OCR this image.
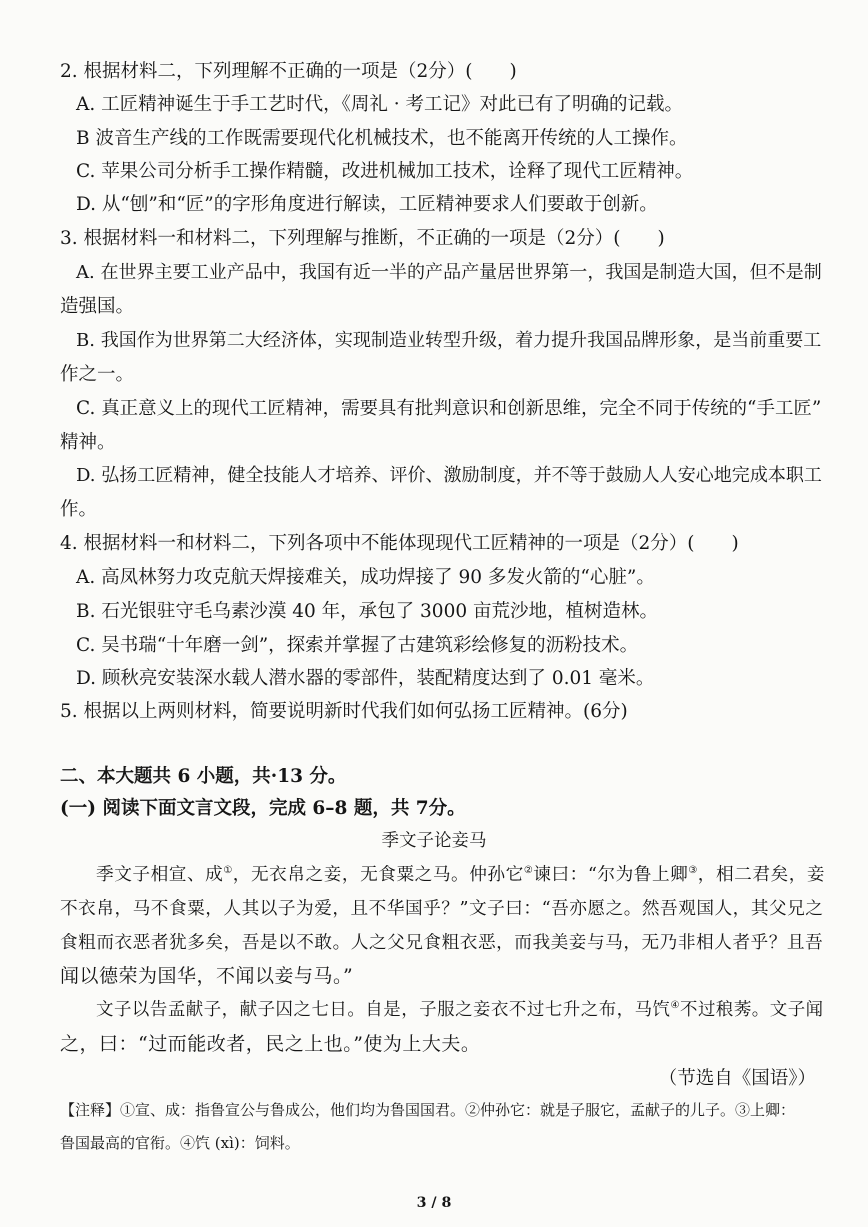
2. 根据材料二，下列理解不正确的一项是（2分）(　　)
A. 工匠精神诞生于手工艺时代，《周礼 · 考工记》对此已有了明确的记载。
B 波音生产线的工作既需要现代化机械技术，也不能离开传统的人工操作。
C. 苹果公司分析手工操作精髓，改进机械加工技术，诠释了现代工匠精神。
D. 从“刨”和“匠”的字形角度进行解读，工匠精神要求人们要敢于创新。
3. 根据材料一和材料二，下列理解与推断，不正确的一项是（2分）(　　)
A. 在世界主要工业产品中，我国有近一半的产品产量居世界第一，我国是制造大国，但不是制
造强国。
B. 我国作为世界第二大经济体，实现制造业转型升级，着力提升我国品牌形象，是当前重要工
作之一。
C. 真正意义上的现代工匠精神，需要具有批判意识和创新思维，完全不同于传统的“手工匠”
精神。
D. 弘扬工匠精神，健全技能人才培养、评价、激励制度，并不等于鼓励人人安心地完成本职工
作。
4. 根据材料一和材料二，下列各项中不能体现现代工匠精神的一项是（2分）(　　)
A. 高凤林努力攻克航天焊接难关，成功焊接了 90 多发火箭的“心脏”。
B. 石光银驻守毛乌素沙漠 40 年，承包了 3000 亩荒沙地，植树造林。
C. 吴书瑞“十年磨一剑”，探索并掌握了古建筑彩绘修复的沥粉技术。
D. 顾秋亮安装深水载人潜水器的零部件，装配精度达到了 0.01 毫米。
5. 根据以上两则材料，简要说明新时代我们如何弘扬工匠精神。(6分)
二、本大题共 6 小题，共·13 分。
(一) 阅读下面文言文段，完成 6–8 题，共 7分。
季文子论妾马
季文子相宣、成①，无衣帛之妾，无食粟之马。仲孙它②谏曰：“尔为鲁上卿③，相二君矣，妾
不衣帛，马不食粟，人其以子为爱，且不华国乎？”文子曰：“吾亦愿之。然吾观国人，其父兄之
食粗而衣恶者犹多矣，吾是以不敢。人之父兄食粗衣恶，而我美妾与马，无乃非相人者乎？且吾
闻以德荣为国华，不闻以妾与马。”
文子以告孟献子，献子囚之七日。自是，子服之妾衣不过七升之布，马饩④不过稂莠。文子闻
之，曰：“过而能改者，民之上也。”使为上大夫。
（节选自《国语》）
【注释】①宣、成：指鲁宣公与鲁成公，他们均为鲁国国君。②仲孙它：就是子服它，孟献子的儿子。③上卿：
鲁国最高的官衔。④饩 (xì)：饲料。
3 / 8
